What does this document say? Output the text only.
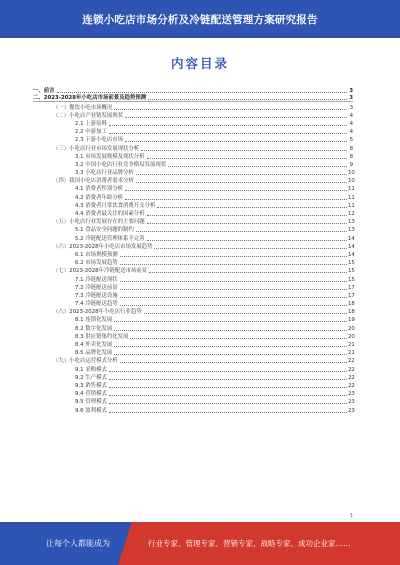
连锁小吃店市场分析及冷链配送管理方案研究报告
内容目录
一、前言	3
二、2023-2028年小吃店市场前景及趋势预测	3
（一）餐饮小吃市场概况	3
（二）小吃店产业链发展现状	4
2.1 上游原料	4
2.2 中游加工	4
2.3 下游小吃店市场	5
（三）小吃店行业市场发展现状分析	8
3.1 市场发展规模及现状分析	8
3.2 中国小吃店行业竞争格局发展现状	9
3.3 小吃店行业品牌分析	10
（四）我国小吃店消费者需求分析	10
4.1 消费者性别分析	11
4.2 消费者年龄分析	11
4.3 消费者日常饮食消费开支分析	11
4.4 消费者最关注的因素分析	12
（五）小吃店行业发展存在的主要问题	13
5.1 食品安全问题的制约	13
5.2 冷链配送管理体系不完善	14
（六）2023-2028年小吃店市场发展趋势	14
6.1 市场规模预测	14
6.2 市场发展趋势	15
（七）2023-2028年冷链配送市场前景	15
7.1 冷链配送现状	15
7.2 冷链配送前景	17
7.3 冷链配送设施	17
7.4 冷链配送趋势	18
（八）2023-2028年小吃店行业趋势	18
8.1 连锁化发展	19
8.2 数字化发展	20
8.3 供应链集约化发展	20
8.4 外卖化发展	21
8.5 品牌化发展	21
（九）小吃店运营模式分析	22
9.1 采购模式	22
9.2 生产模式	22
9.3 销售模式	22
9.4 营销模式	23
9.5 管理模式	23
9.6 盈利模式	23
1
让每个人都能成为	行业专家、管理专家、营销专家、战略专家、成功企业家……
